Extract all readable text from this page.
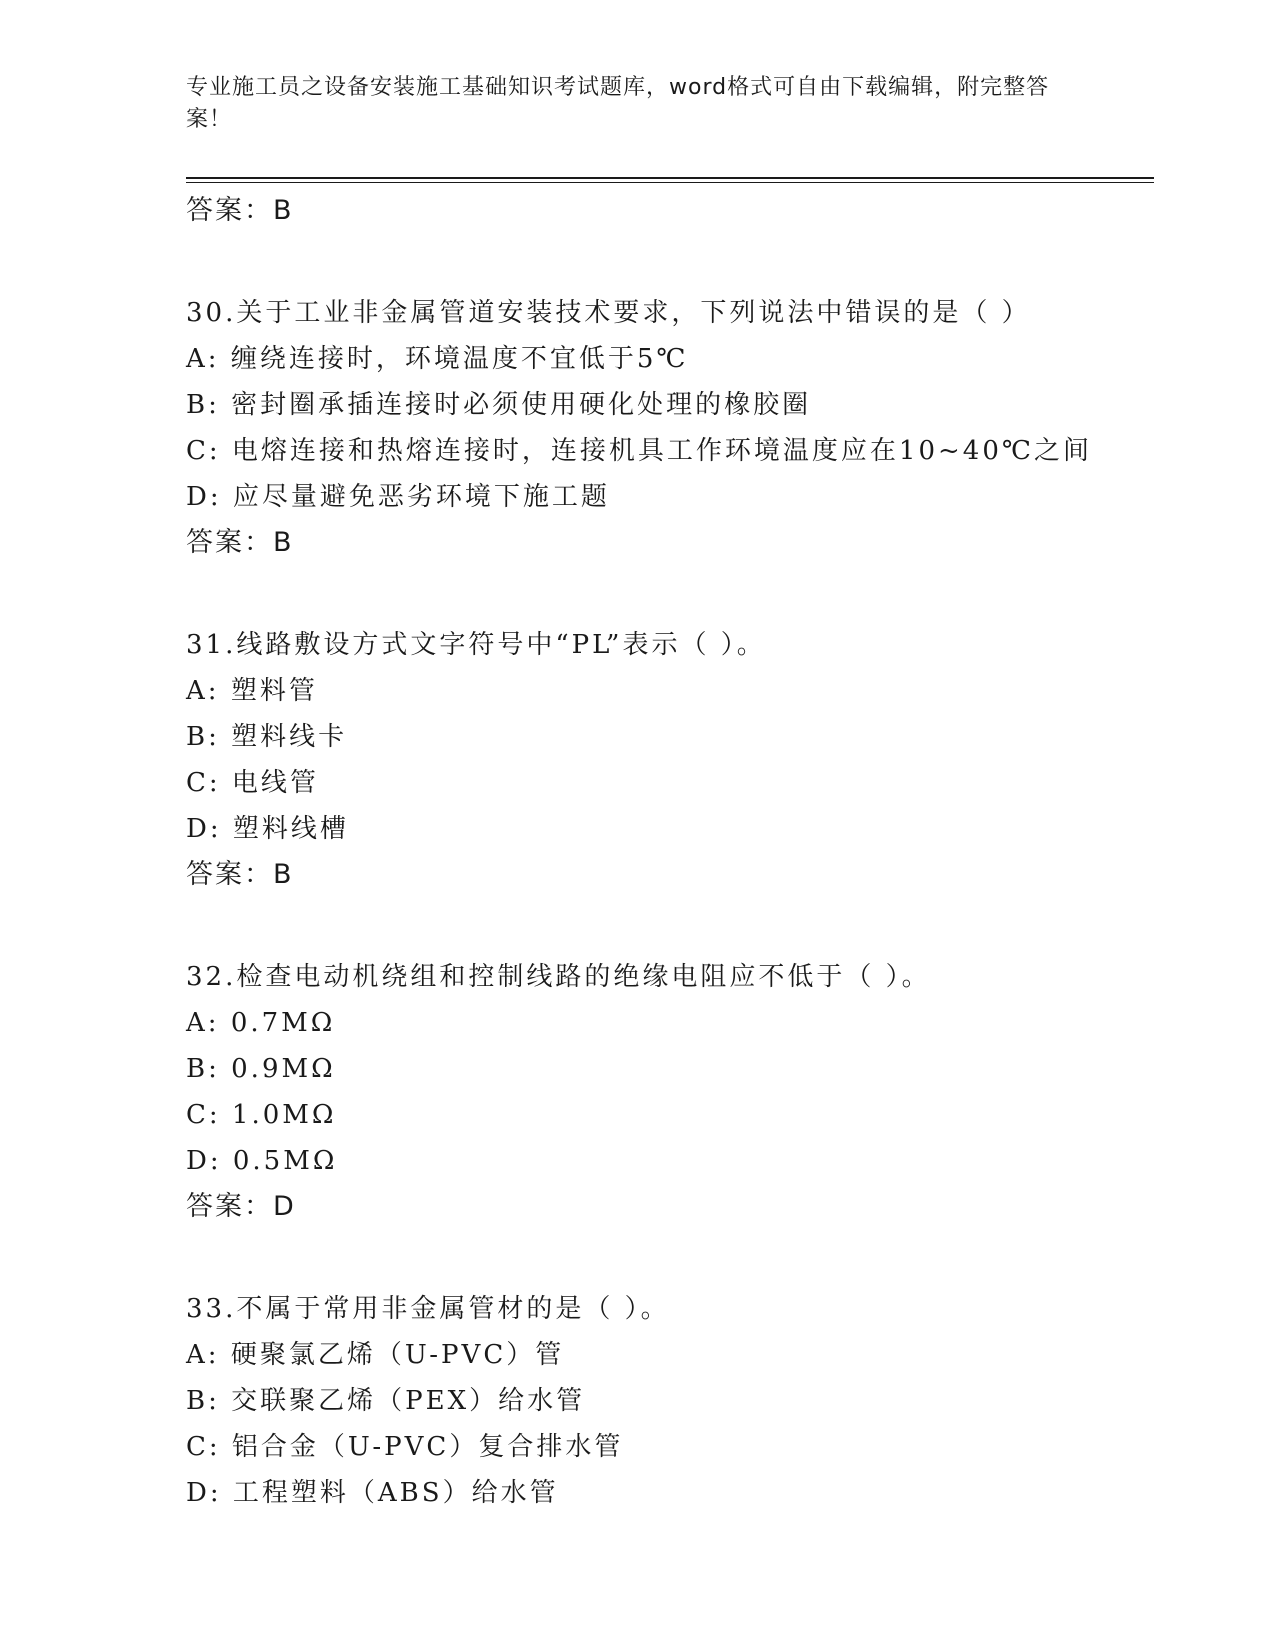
专业施工员之设备安装施工基础知识考试题库，word格式可自由下载编辑，附完整答案！
答案：B
30.关于工业非金属管道安装技术要求，下列说法中错误的是（ ）
A: 缠绕连接时，环境温度不宜低于5℃
B: 密封圈承插连接时必须使用硬化处理的橡胶圈
C: 电熔连接和热熔连接时，连接机具工作环境温度应在10~40℃之间
D: 应尽量避免恶劣环境下施工题
答案：B
31.线路敷设方式文字符号中“PL”表示（ ）。
A: 塑料管
B: 塑料线卡
C: 电线管
D: 塑料线槽
答案：B
32.检查电动机绕组和控制线路的绝缘电阻应不低于（ ）。
A: 0.7MΩ
B: 0.9MΩ
C: 1.0MΩ
D: 0.5MΩ
答案：D
33.不属于常用非金属管材的是（ ）。
A: 硬聚氯乙烯（U-PVC）管
B: 交联聚乙烯（PEX）给水管
C: 铝合金（U-PVC）复合排水管
D: 工程塑料（ABS）给水管
